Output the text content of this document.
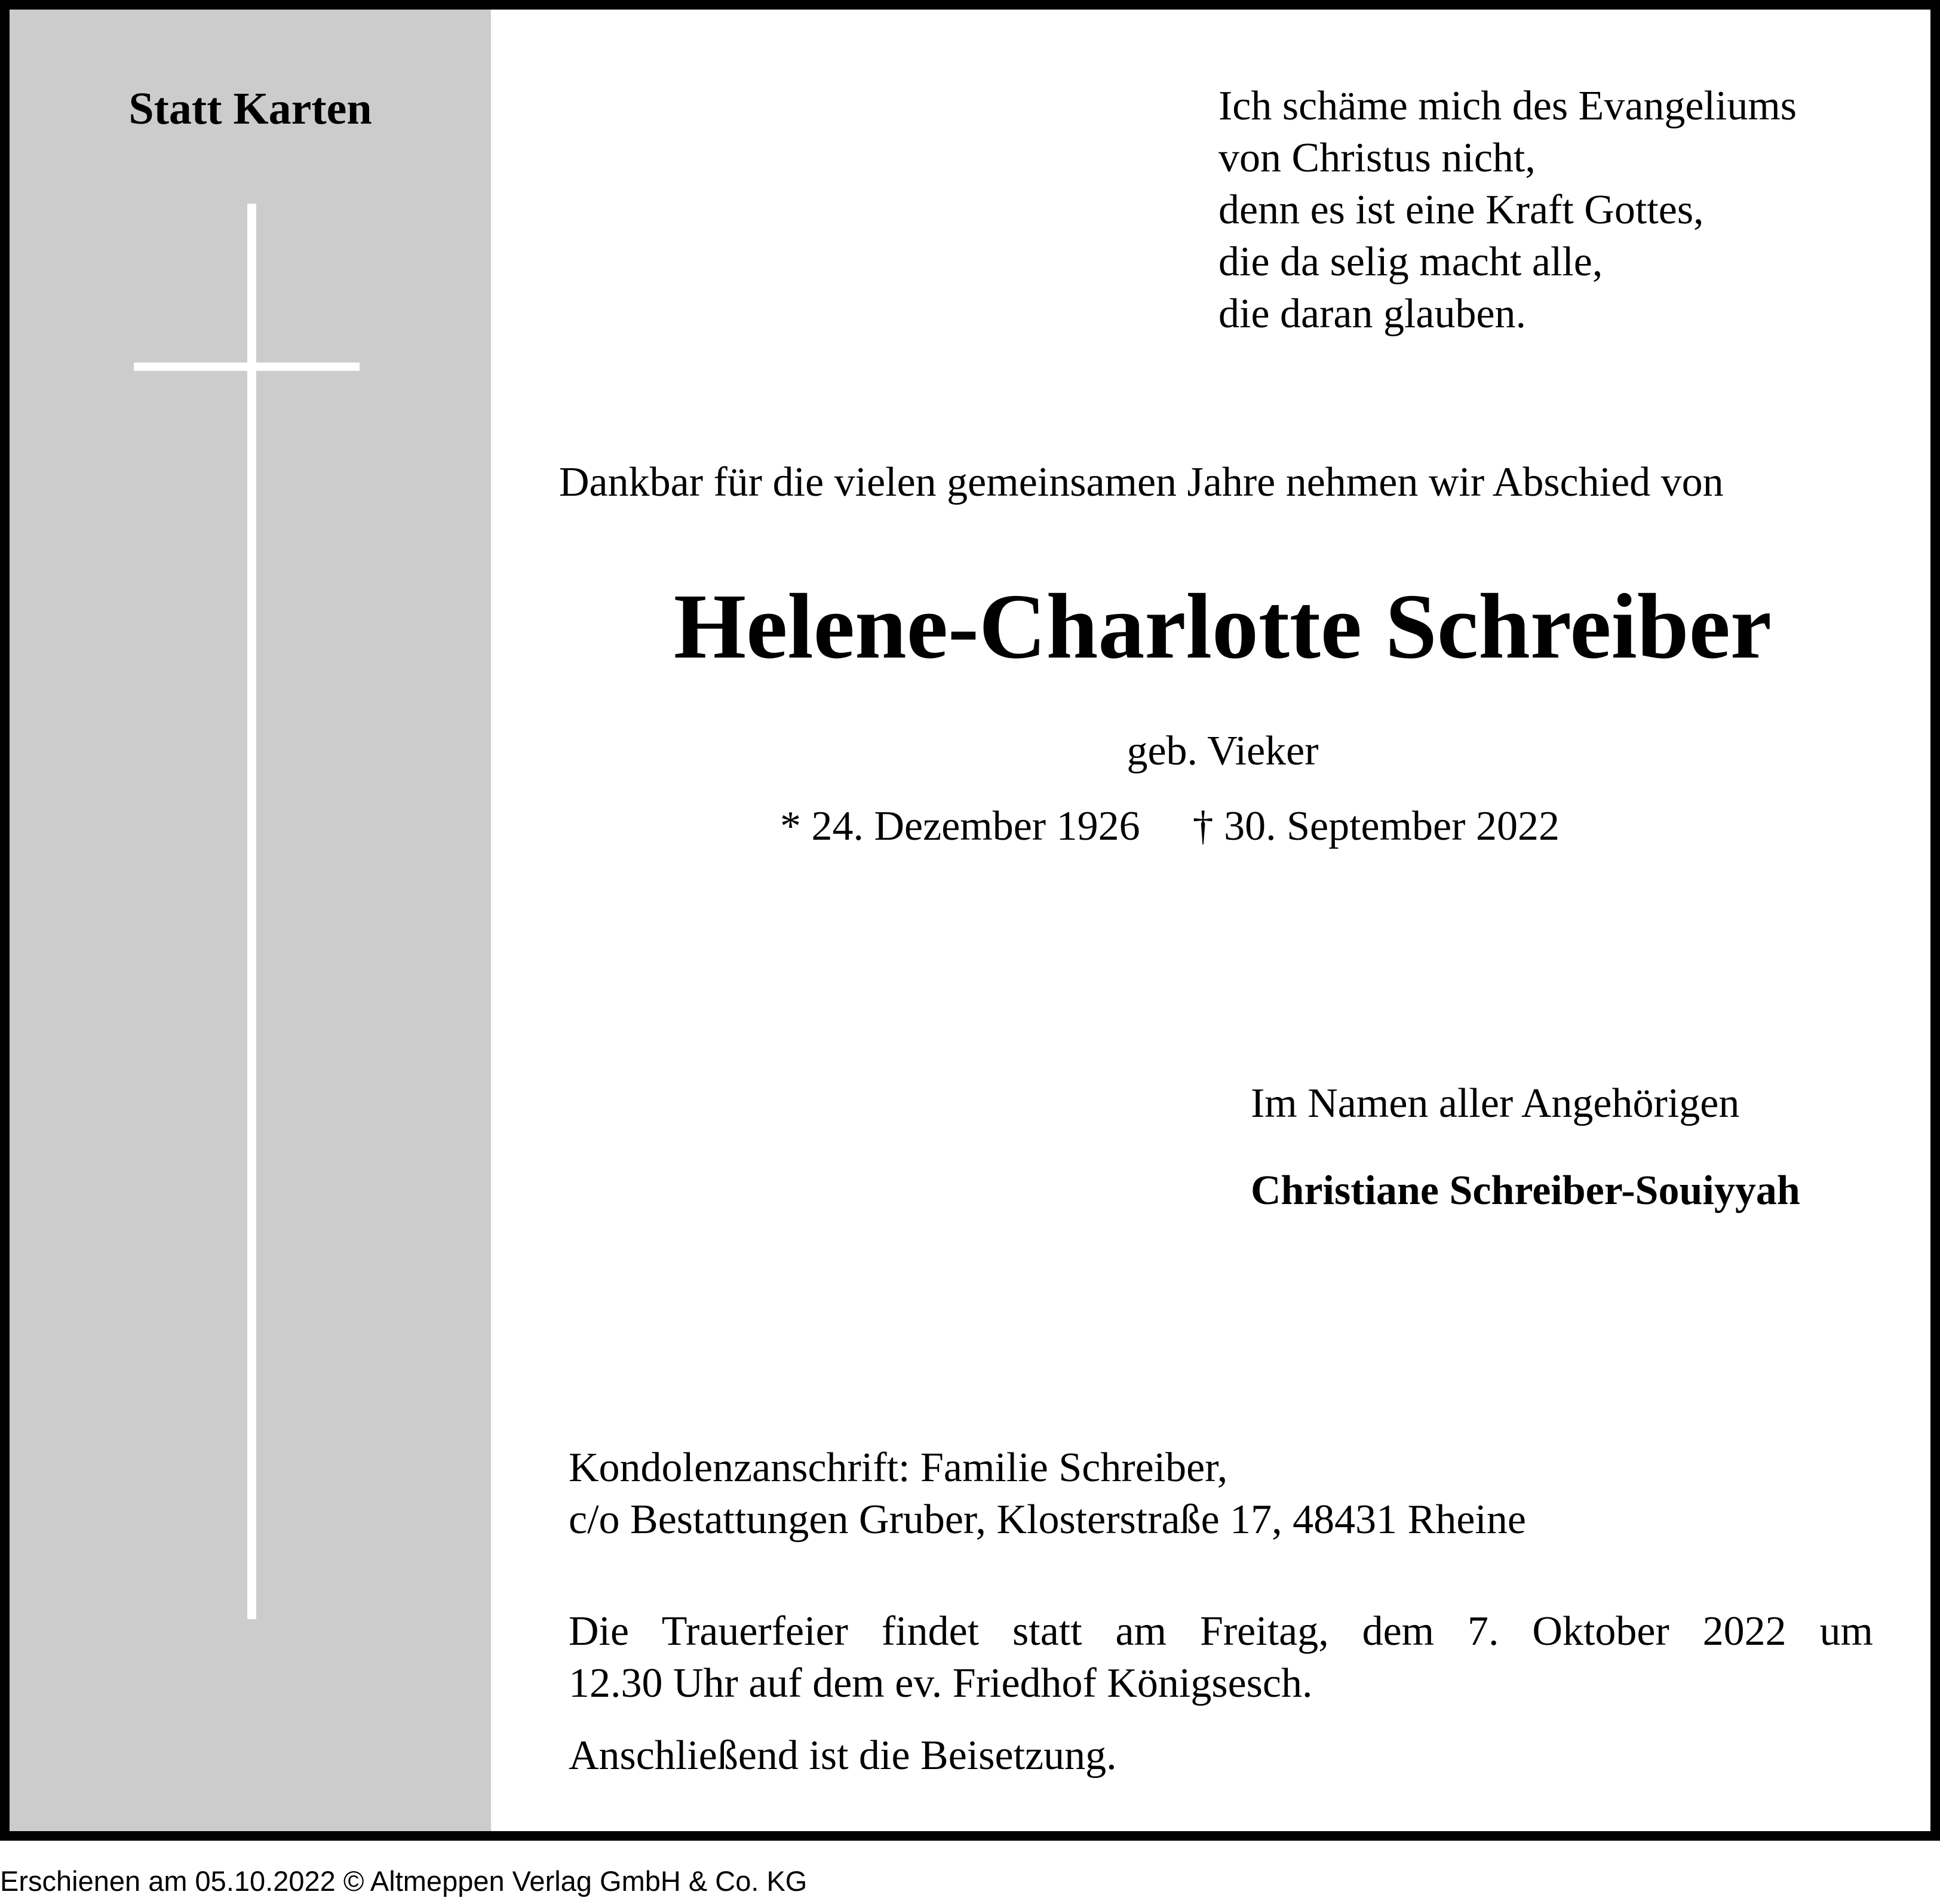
Statt Karten	Ich schäme mich des Evangeliums
von Christus nicht,
denn es ist eine Kraft Gottes,
die da selig macht alle,
die daran glauben.
Dankbar für die vielen gemeinsamen Jahre nehmen wir Abschied von
Helene-Charlotte Schreiber
geb. Vieker
* 24. Dezember 1926 † 30. September 2022
Im Namen aller Angehörigen
Christiane Schreiber-Souiyyah
Kondolenzanschrift: Familie Schreiber,
c/o Bestattungen Gruber, Klosterstraße 17, 48431 Rheine
Die Trauerfeier findet statt am Freitag, dem 7. Oktober 2022 um
12.30 Uhr auf dem ev. Friedhof Königsesch.
Anschließend ist die Beisetzung.
Erschienen am 05.10.2022 © Altmeppen Verlag GmbH & Co. KG
